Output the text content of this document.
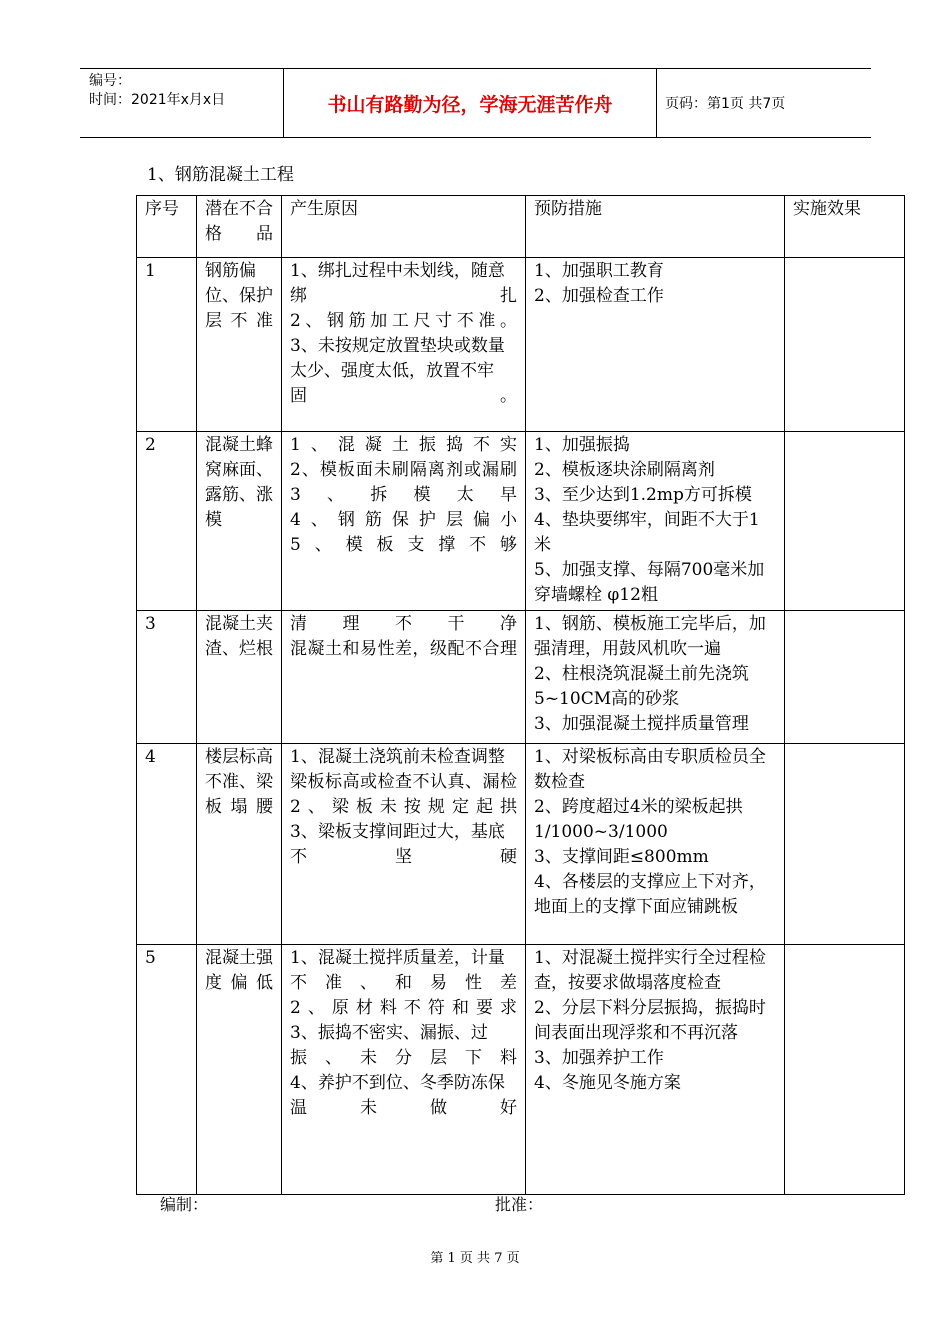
编号：
时间：2021年x月x日	书山有路勤为径，学海无涯苦作舟	页码：第1页 共7页
1、钢筋混凝土工程
序号	潜在不合格品	产生原因	预防措施	实施效果
1	钢筋偏位、保护层不准	1、绑扎过程中未划线，随意绑扎
2、钢筋加工尺寸不准。
3、未按规定放置垫块或数量太少、强度太低，放置不牢固。	1、加强职工教育
2、加强检查工作	

2	混凝土蜂窝麻面、露筋、涨模	1、混凝土振捣不实
2、模板面未刷隔离剂或漏刷
3、拆模太早
4、钢筋保护层偏小
5、模板支撑不够	1、加强振捣
2、模板逐块涂刷隔离剂
3、至少达到1.2mp方可拆模
4、垫块要绑牢，间距不大于1米
5、加强支撑、每隔700毫米加穿墙螺栓 φ12粗	

3	混凝土夹渣、烂根	清理不干净
混凝土和易性差，级配不合理	1、钢筋、模板施工完毕后，加强清理，用鼓风机吹一遍
2、柱根浇筑混凝土前先浇筑5~10CM高的砂浆
3、加强混凝土搅拌质量管理	

4	楼层标高不准、梁板塌腰	1、混凝土浇筑前未检查调整梁板标高或检查不认真、漏检
2、梁板未按规定起拱
3、梁板支撑间距过大，基底不坚硬	1、对梁板标高由专职质检员全数检查
2、跨度超过4米的梁板起拱1/1000~3/1000
3、支撑间距≤800mm
4、各楼层的支撑应上下对齐，地面上的支撑下面应铺跳板	

5	混凝土强度偏低	1、混凝土搅拌质量差，计量不准、和易性差
2、原材料不符和要求
3、振捣不密实、漏振、过振、未分层下料
4、养护不到位、冬季防冻保温未做好	1、对混凝土搅拌实行全过程检查，按要求做塌落度检查
2、分层下料分层振捣，振捣时间表面出现浮浆和不再沉落
3、加强养护工作
4、冬施见冬施方案	

编制：	批准：
第 1 页 共 7 页
